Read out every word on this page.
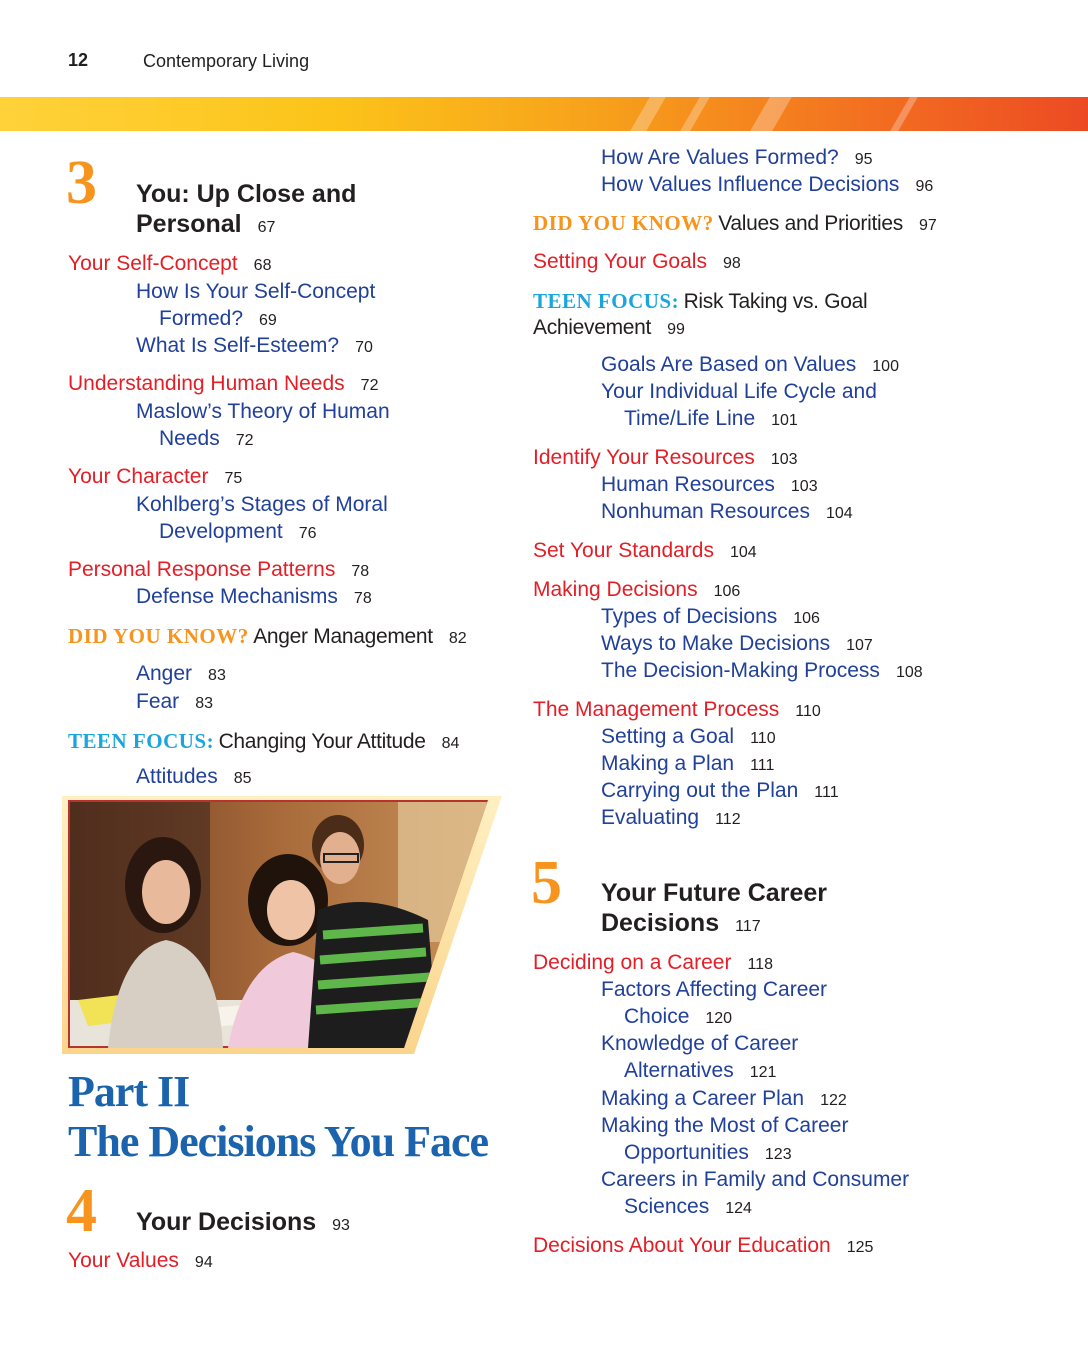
12	Contemporary Living
3 You: Up Close and
Personal 67
Your Self-Concept 68
How Is Your Self-Concept
Formed? 69
What Is Self-Esteem? 70
Understanding Human Needs 72
Maslow’s Theory of Human
Needs 72
Your Character 75
Kohlberg’s Stages of Moral
Development 76
Personal Response Patterns 78
Defense Mechanisms 78
DID YOU KNOW? Anger Management 82
Anger 83
Fear 83
TEEN FOCUS: Changing Your Attitude 84
Attitudes 85
Part II
The Decisions You Face
4 Your Decisions 93
Your Values 94
How Are Values Formed? 95
How Values Influence Decisions 96
DID YOU KNOW? Values and Priorities 97
Setting Your Goals 98
TEEN FOCUS: Risk Taking vs. Goal
Achievement 99
Goals Are Based on Values 100
Your Individual Life Cycle and
Time/Life Line 101
Identify Your Resources 103
Human Resources 103
Nonhuman Resources 104
Set Your Standards 104
Making Decisions 106
Types of Decisions 106
Ways to Make Decisions 107
The Decision-Making Process 108
The Management Process 110
Setting a Goal 110
Making a Plan 111
Carrying out the Plan 111
Evaluating 112
5 Your Future Career
Decisions 117
Deciding on a Career 118
Factors Affecting Career
Choice 120
Knowledge of Career
Alternatives 121
Making a Career Plan 122
Making the Most of Career
Opportunities 123
Careers in Family and Consumer
Sciences 124
Decisions About Your Education 125
